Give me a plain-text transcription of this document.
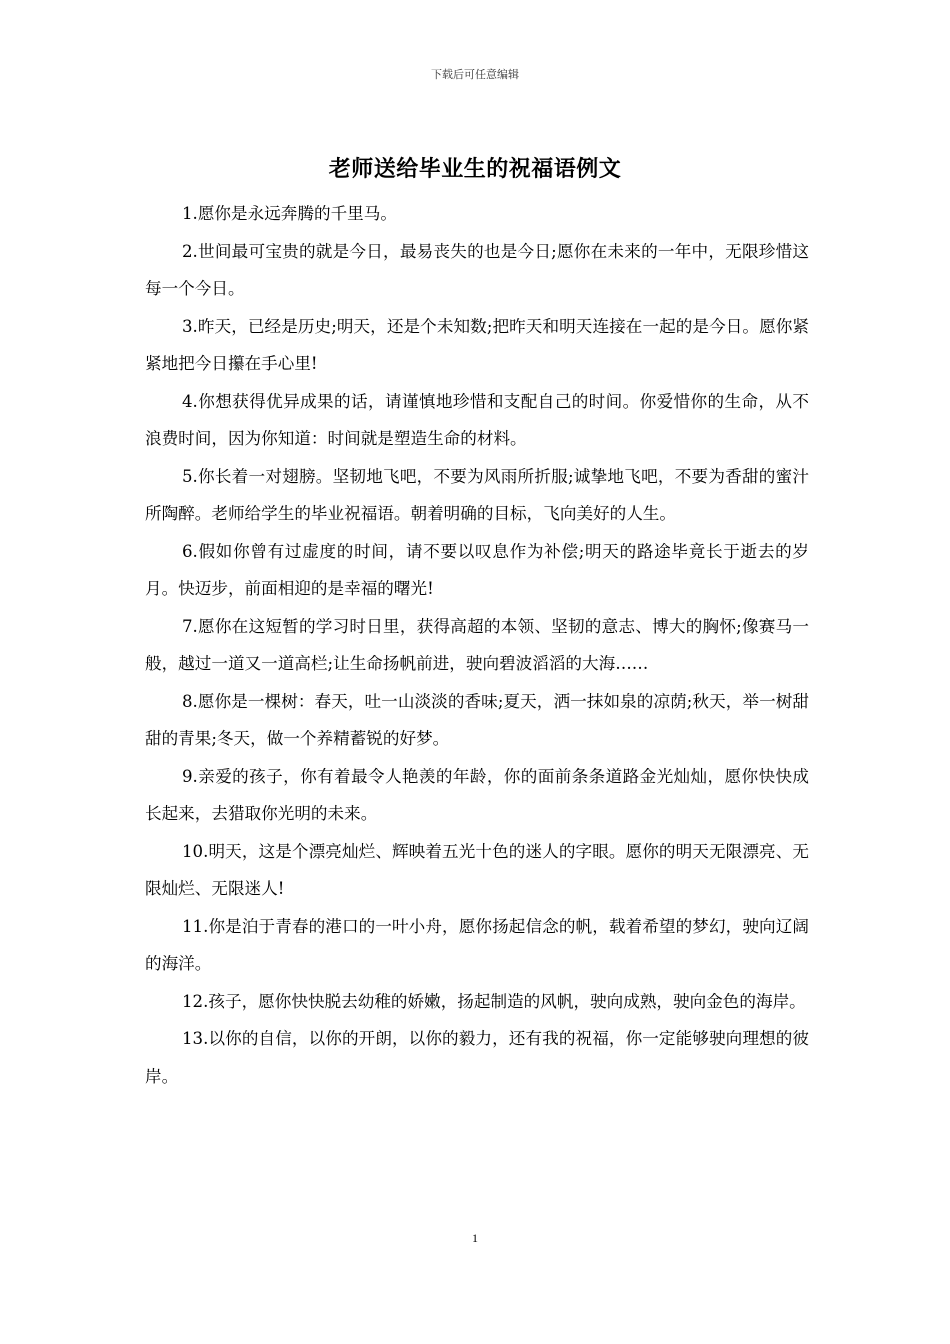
下载后可任意编辑
老师送给毕业生的祝福语例文

1.愿你是永远奔腾的千里马。

2.世间最可宝贵的就是今日，最易丧失的也是今日;愿你在未来的一年中，无限珍惜这每一个今日。

3.昨天，已经是历史;明天，还是个未知数;把昨天和明天连接在一起的是今日。愿你紧紧地把今日攥在手心里!

4.你想获得优异成果的话，请谨慎地珍惜和支配自己的时间。你爱惜你的生命，从不浪费时间，因为你知道：时间就是塑造生命的材料。

5.你长着一对翅膀。坚韧地飞吧，不要为风雨所折服;诚挚地飞吧，不要为香甜的蜜汁所陶醉。老师给学生的毕业祝福语。朝着明确的目标，飞向美好的人生。

6.假如你曾有过虚度的时间，请不要以叹息作为补偿;明天的路途毕竟长于逝去的岁月。快迈步，前面相迎的是幸福的曙光!

7.愿你在这短暂的学习时日里，获得高超的本领、坚韧的意志、博大的胸怀;像赛马一般，越过一道又一道高栏;让生命扬帆前进，驶向碧波滔滔的大海……

8.愿你是一棵树：春天，吐一山淡淡的香味;夏天，洒一抹如泉的凉荫;秋天，举一树甜甜的青果;冬天，做一个养精蓄锐的好梦。

9.亲爱的孩子，你有着最令人艳羡的年龄，你的面前条条道路金光灿灿，愿你快快成长起来，去猎取你光明的未来。

10.明天，这是个漂亮灿烂、辉映着五光十色的迷人的字眼。愿你的明天无限漂亮、无限灿烂、无限迷人!

11.你是泊于青春的港口的一叶小舟，愿你扬起信念的帆，载着希望的梦幻，驶向辽阔的海洋。

12.孩子，愿你快快脱去幼稚的娇嫩，扬起制造的风帆，驶向成熟，驶向金色的海岸。

13.以你的自信，以你的开朗，以你的毅力，还有我的祝福，你一定能够驶向理想的彼岸。

1
